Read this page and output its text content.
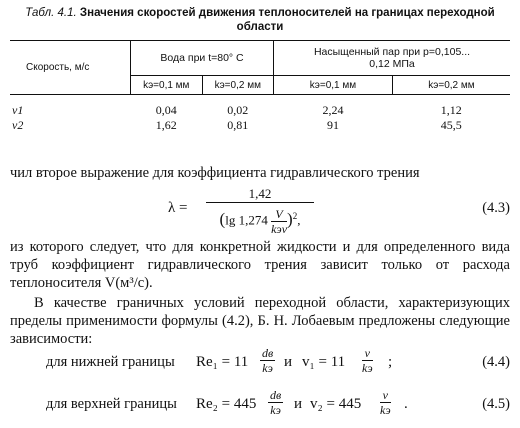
Табл. 4.1. Значения скоростей движения теплоносителей на границах переходной области
Скорость, м/с	Вода при t=80° С		Насыщенный пар при p=0,105...
0,12 МПа	
	kэ=0,1 мм	kэ=0,2 мм	kэ=0,1 мм	kэ=0,2 мм
v1	0,04	0,02	2,24	1,12
v2	1,62	0,81	91	45,5
чил второе выражение для коэффициента гидравлического трения
λ =
1,42
(lg $1,274 \frac{V}{\text{kэν}} )^2$,
(4.3)
из которого следует, что для конкретной жидкости и для определенного вида труб коэффициент гидравлического трения зависит только от расхода теплоносителя V(м³/с).
В качестве граничных условий переходной области, характеризующих пределы применимости формулы (4.2), Б. Н. Лобаевым предложены следующие зависимости:
для нижней границы Re₁ = 11
dв
kэ и v₁ = 11
ν
kэ ;	(4.4)
для верхней границы Re₂ = 445
dв
kэ и v₂ = 445
ν
kэ .	(4.5)
